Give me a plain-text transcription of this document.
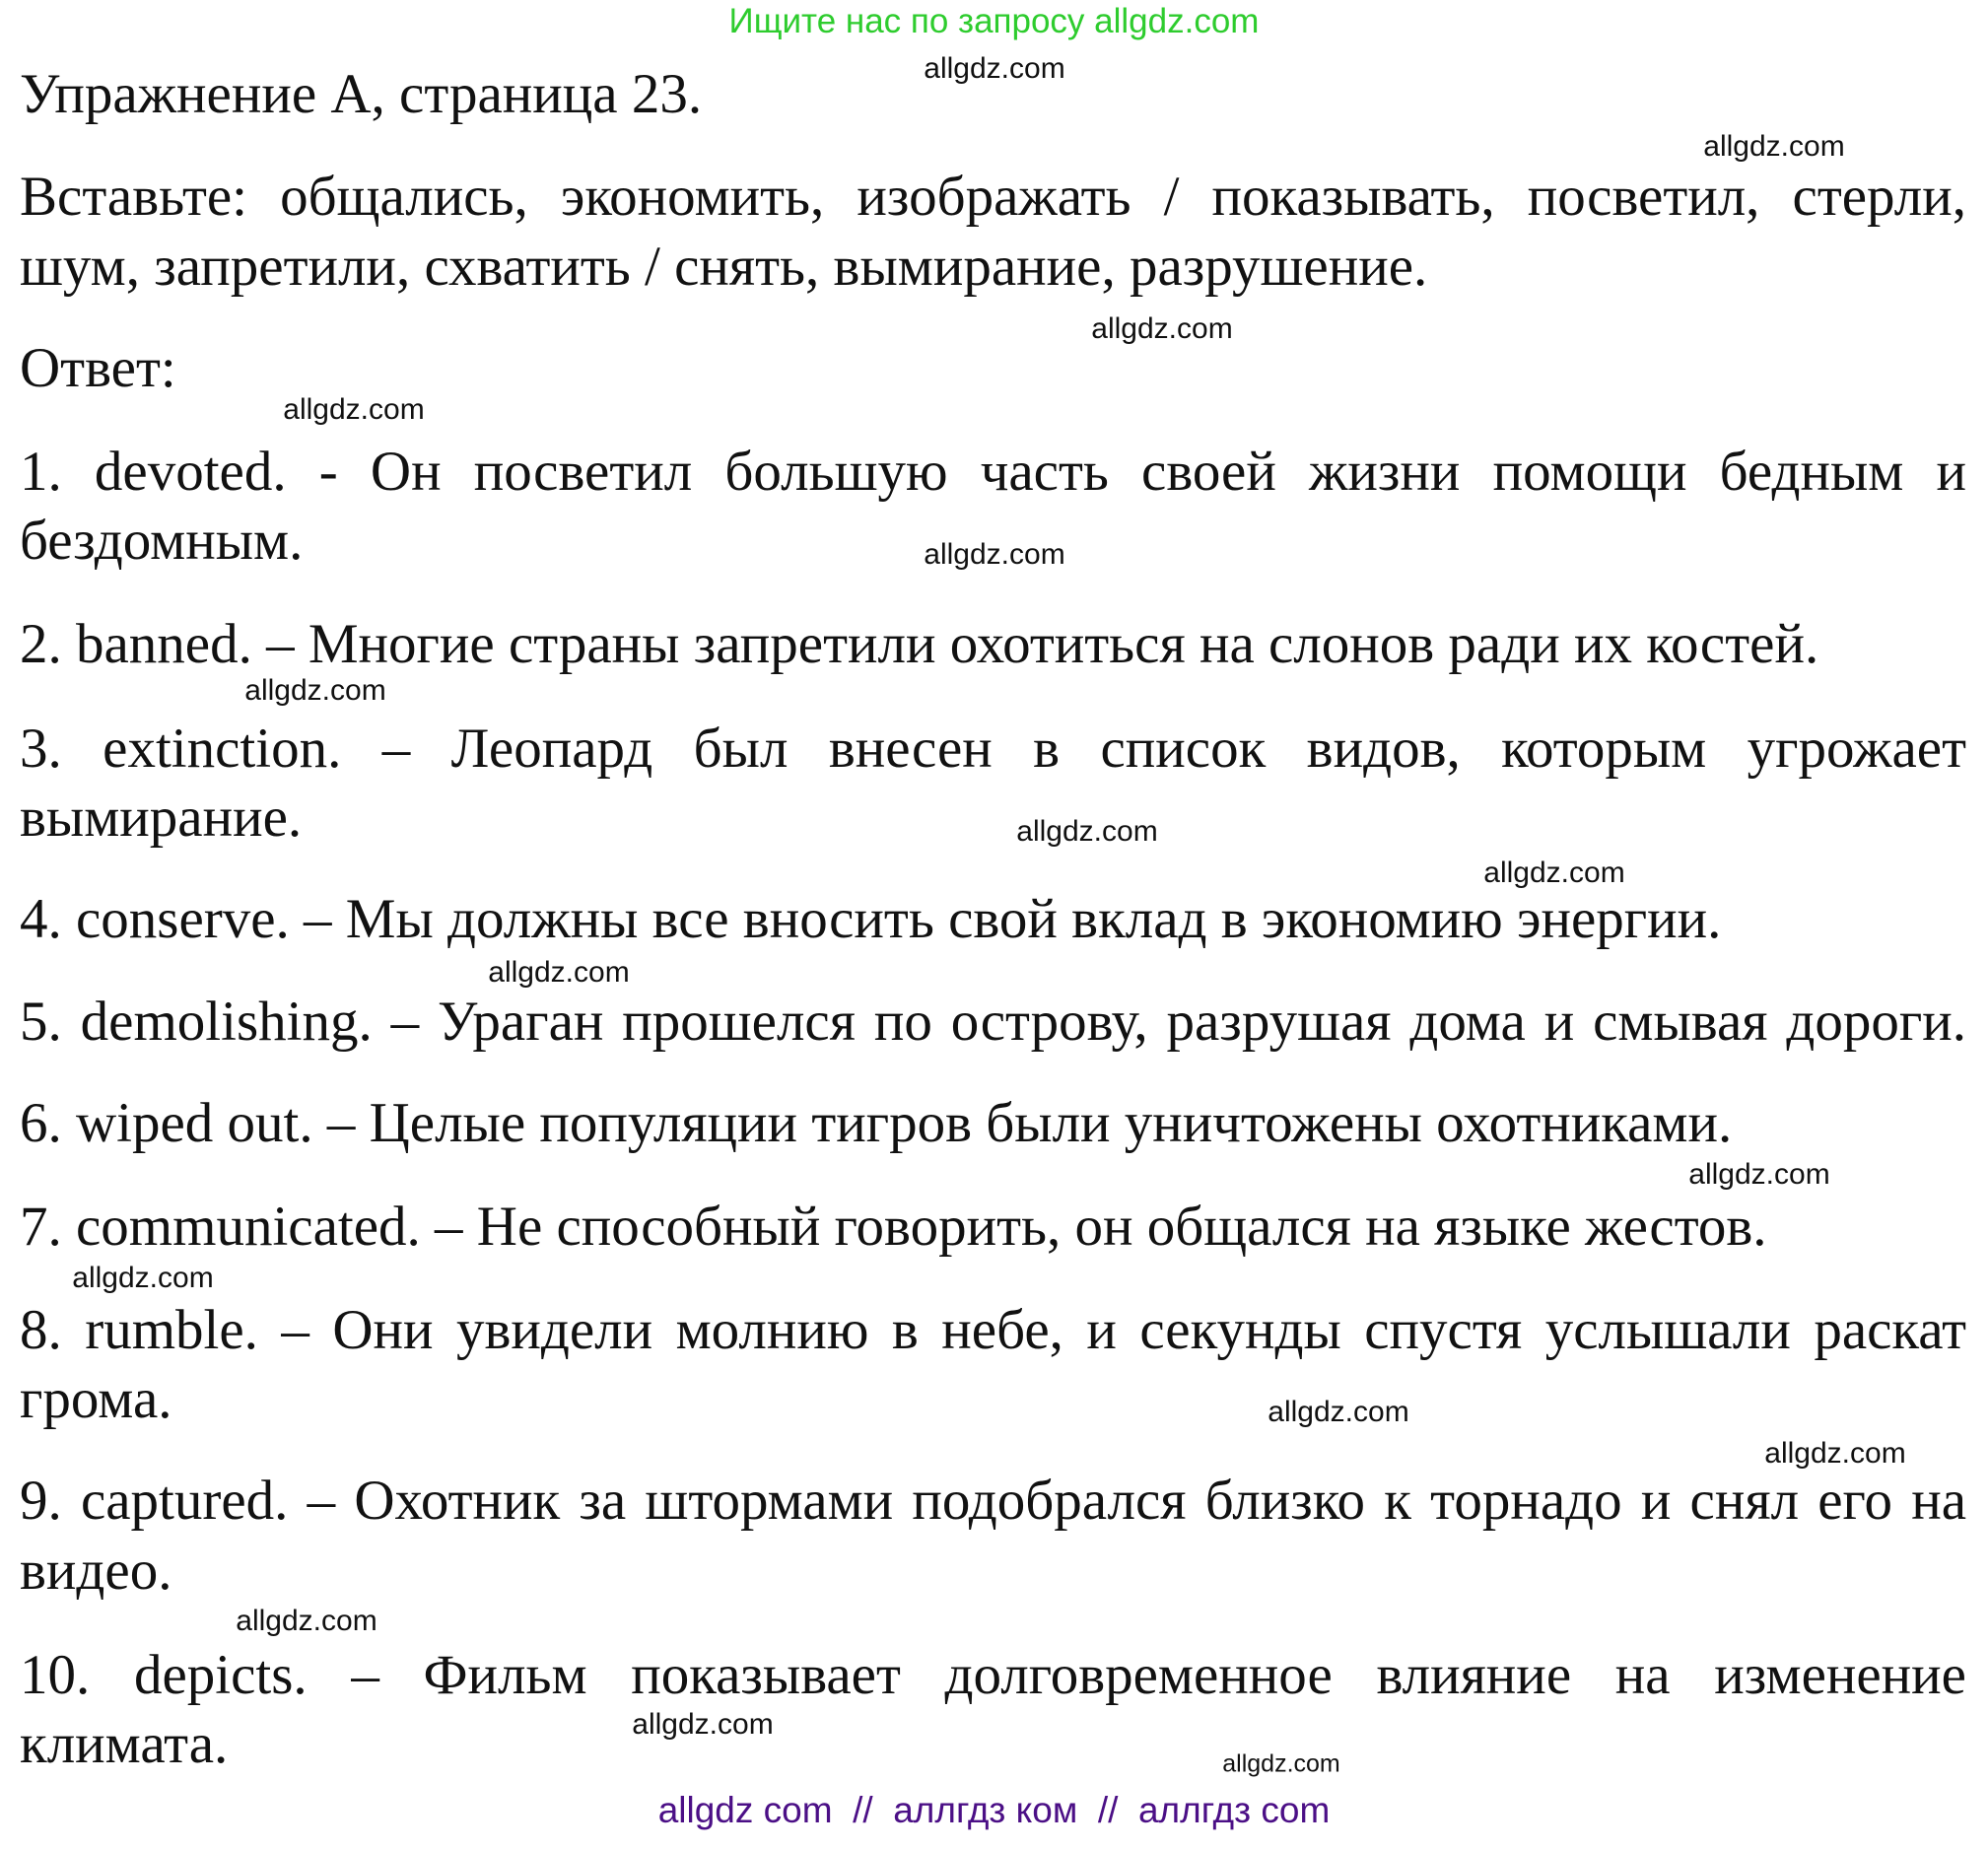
Ищите нас по запросу allgdz.com
Упражнение А, страница 23.
Вставьте: общались, экономить, изображать / показывать, посветил, стерли,
шум, запретили, схватить / снять, вымирание, разрушение.
Ответ:
1. devoted. - Он посветил большую часть своей жизни помощи бедным и
бездомным.
2. banned. – Многие страны запретили охотиться на слонов ради их костей.
3. extinction. – Леопард был внесен в список видов, которым угрожает
вымирание.
4. conserve. – Мы должны все вносить свой вклад в экономию энергии.
5. demolishing. – Ураган прошелся по острову, разрушая дома и смывая дороги.
6. wiped out. – Целые популяции тигров были уничтожены охотниками.
7. communicated. – Не способный говорить, он общался на языке жестов.
8. rumble. – Они увидели молнию в небе, и секунды спустя услышали раскат
грома.
9. captured. – Охотник за штормами подобрался близко к торнадо и снял его на
видео.
10. depicts. – Фильм показывает долговременное влияние на изменение
климата.
allgdz.com
allgdz.com
allgdz.com
allgdz.com
allgdz.com
allgdz.com
allgdz.com
allgdz.com
allgdz.com
allgdz.com
allgdz.com
allgdz.com
allgdz.com
allgdz.com
allgdz.com
allgdz.com
allgdz com  //  аллгдз ком  //  аллгдз com
